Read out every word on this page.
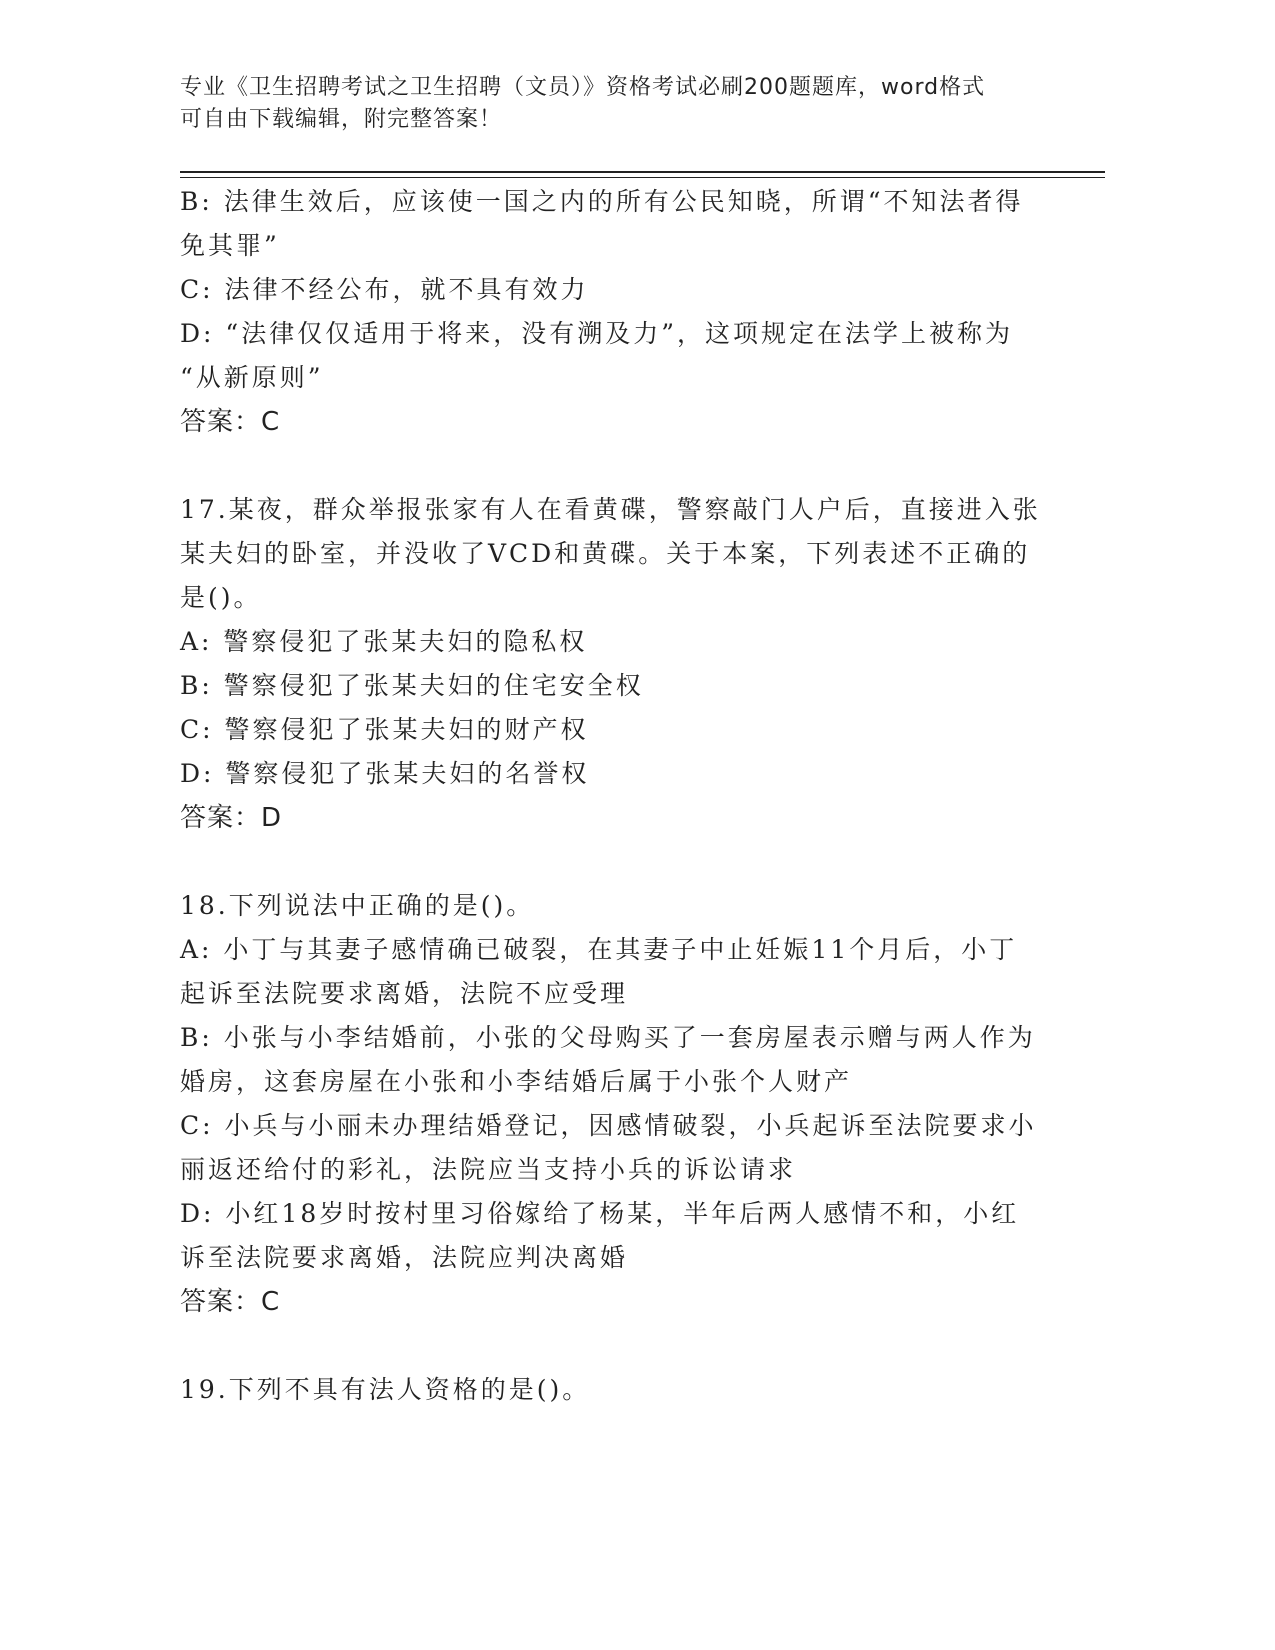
专业《卫生招聘考试之卫生招聘（文员）》资格考试必刷200题题库，word格式
可自由下载编辑，附完整答案！
B: 法律生效后，应该使一国之内的所有公民知晓，所谓“不知法者得
免其罪”
C: 法律不经公布，就不具有效力
D: “法律仅仅适用于将来，没有溯及力”，这项规定在法学上被称为
“从新原则”
答案：C
17.某夜，群众举报张家有人在看黄碟，警察敲门人户后，直接进入张
某夫妇的卧室，并没收了VCD和黄碟。关于本案，下列表述不正确的
是()。
A: 警察侵犯了张某夫妇的隐私权
B: 警察侵犯了张某夫妇的住宅安全权
C: 警察侵犯了张某夫妇的财产权
D: 警察侵犯了张某夫妇的名誉权
答案：D
18.下列说法中正确的是()。
A: 小丁与其妻子感情确已破裂，在其妻子中止妊娠11个月后，小丁
起诉至法院要求离婚，法院不应受理
B: 小张与小李结婚前，小张的父母购买了一套房屋表示赠与两人作为
婚房，这套房屋在小张和小李结婚后属于小张个人财产
C: 小兵与小丽未办理结婚登记，因感情破裂，小兵起诉至法院要求小
丽返还给付的彩礼，法院应当支持小兵的诉讼请求
D: 小红18岁时按村里习俗嫁给了杨某，半年后两人感情不和，小红
诉至法院要求离婚，法院应判决离婚
答案：C
19.下列不具有法人资格的是()。
